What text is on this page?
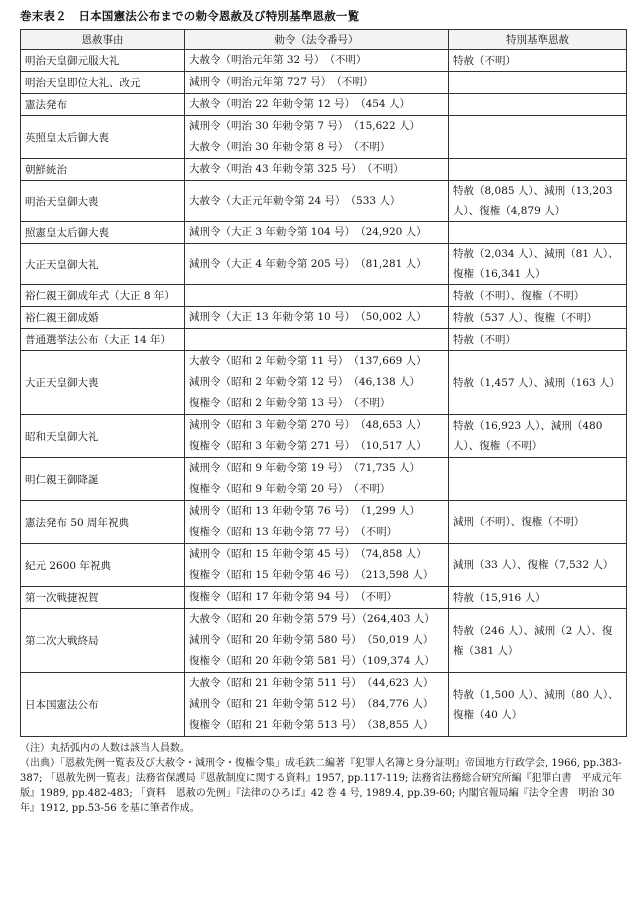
巻末表２　日本国憲法公布までの勅令恩赦及び特別基準恩赦一覧
恩赦事由	勅令（法令番号）	特別基準恩赦
明治天皇御元服大礼	大赦令（明治元年第 32 号）　（不明）	特赦（不明）
明治天皇即位大礼、改元	減刑令（明治元年第 727 号）　（不明）	

憲法発布	大赦令（明治 22 年勅令第 12 号）　（454 人）	

英照皇太后御大喪	減刑令（明治 30 年勅令第 7 号）　（15,622 人）
大赦令（明治 30 年勅令第 8 号）　（不明）	

朝鮮統治	大赦令（明治 43 年勅令第 325 号）　（不明）	

明治天皇御大喪	大赦令（大正元年勅令第 24 号）　（533 人）	特赦（8,085 人）、減刑（13,203 人）、復権（4,879 人）
照憲皇太后御大喪	減刑令（大正 3 年勅令第 104 号）　（24,920 人）	

大正天皇御大礼	減刑令（大正 4 年勅令第 205 号）　（81,281 人）	特赦（2,034 人）、減刑（81 人）、復権（16,341 人）
裕仁親王御成年式（大正 8 年）		特赦（不明）、復権（不明）
裕仁親王御成婚	減刑令（大正 13 年勅令第 10 号）　（50,002 人）	特赦（537 人）、復権（不明）
普通選挙法公布（大正 14 年）		特赦（不明）
大正天皇御大喪	大赦令（昭和 2 年勅令第 11 号）　（137,669 人）
減刑令（昭和 2 年勅令第 12 号）　（46,138 人）
復権令（昭和 2 年勅令第 13 号）　（不明）	特赦（1,457 人）、減刑（163 人）
昭和天皇御大礼	減刑令（昭和 3 年勅令第 270 号）　（48,653 人）
復権令（昭和 3 年勅令第 271 号）　（10,517 人）	特赦（16,923 人）、減刑（480 人）、復権（不明）
明仁親王御降誕	減刑令（昭和 9 年勅令第 19 号）　（71,735 人）
復権令（昭和 9 年勅令第 20 号）　（不明）	

憲法発布 50 周年祝典	減刑令（昭和 13 年勅令第 76 号）　（1,299 人）
復権令（昭和 13 年勅令第 77 号）　（不明）	減刑（不明）、復権（不明）
紀元 2600 年祝典	減刑令（昭和 15 年勅令第 45 号）　（74,858 人）
復権令（昭和 15 年勅令第 46 号）　（213,598 人）	減刑（33 人）、復権（7,532 人）
第一次戦捷祝賀	復権令（昭和 17 年勅令第 94 号）　（不明）	特赦（15,916 人）
第二次大戦終局	大赦令（昭和 20 年勅令第 579 号）（264,403 人）
減刑令（昭和 20 年勅令第 580 号）　（50,019 人）
復権令（昭和 20 年勅令第 581 号）（109,374 人）	特赦（246 人）、減刑（2 人）、復権（381 人）
日本国憲法公布	大赦令（昭和 21 年勅令第 511 号）　（44,623 人）
減刑令（昭和 21 年勅令第 512 号）　（84,776 人）
復権令（昭和 21 年勅令第 513 号）　（38,855 人）	特赦（1,500 人）、減刑（80 人）、復権（40 人）
（注）丸括弧内の人数は該当人員数。
（出典）「恩赦先例一覧表及び大赦令・減刑令・復権令集」成毛鉄二編著『犯罪人名簿と身分証明』帝国地方行政学会, 1966, pp.383-387; 「恩赦先例一覧表」法務省保護局『恩赦制度に関する資料』1957, pp.117-119; 法務省法務総合研究所編『犯罪白書　平成元年版』1989, pp.482-483; 「資料　恩赦の先例」『法律のひろば』42 巻 4 号, 1989.4, pp.39-60; 内閣官報局編『法令全書　明治 30 年』1912, pp.53-56 を基に筆者作成。
